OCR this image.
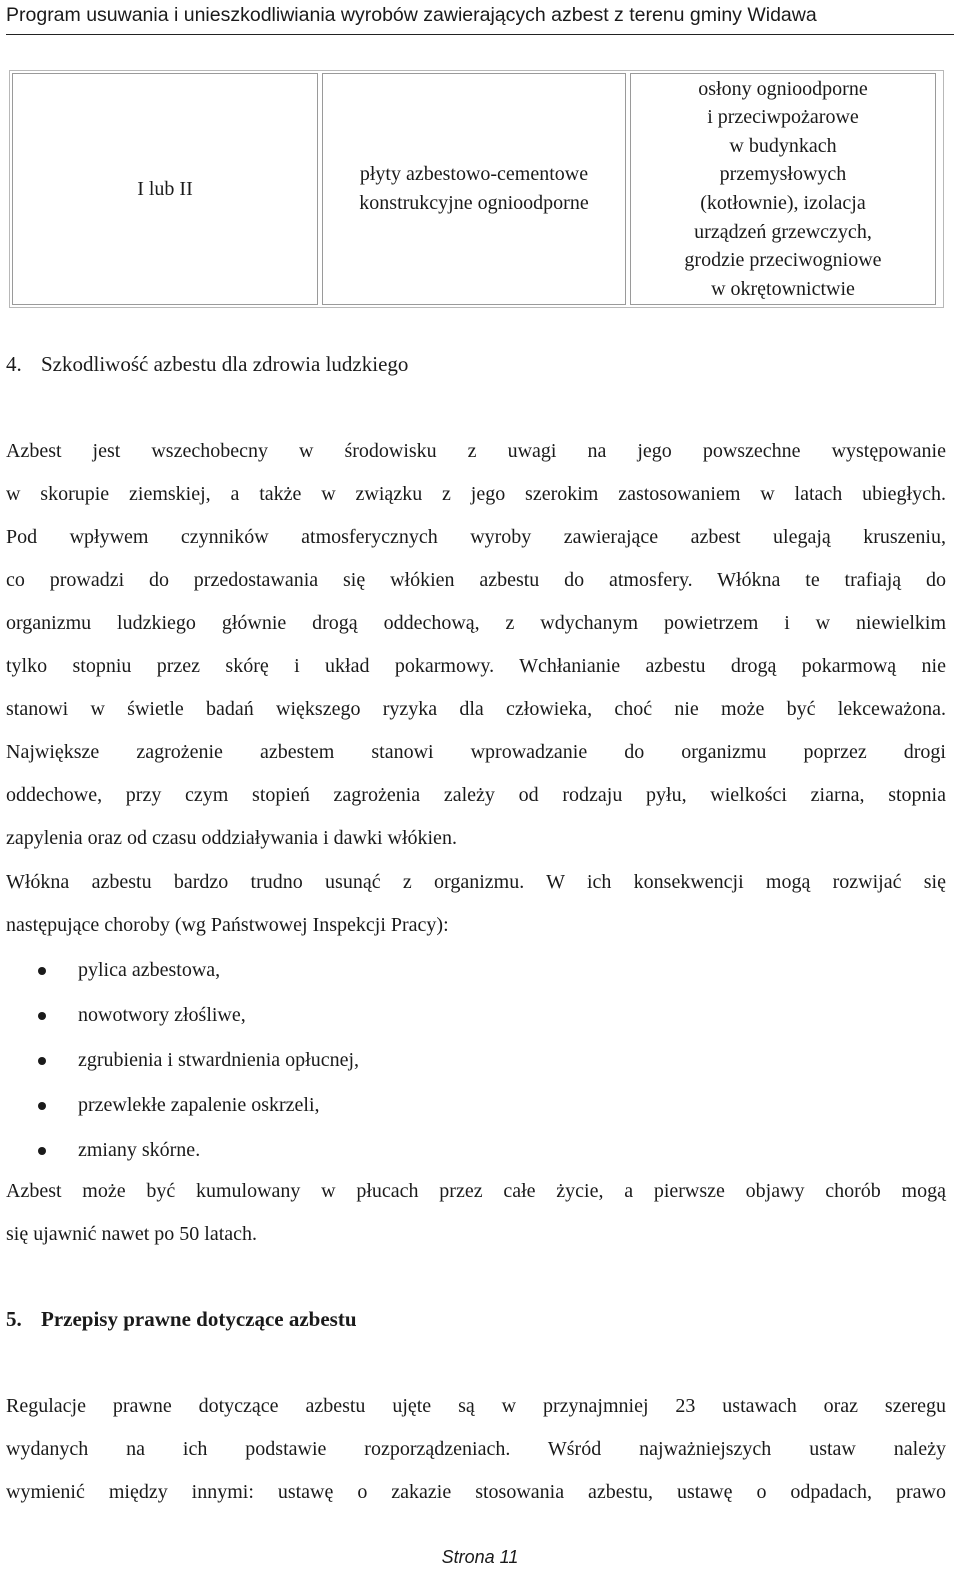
Program usuwania i unieszkodliwiania wyrobów zawierających azbest z terenu gminy Widawa
I lub II
płyty azbestowo-cementowe
konstrukcyjne ognioodporne
osłony ognioodporne
i przeciwpożarowe
w budynkach
przemysłowych
(kotłownie), izolacja
urządzeń grzewczych,
grodzie przeciwogniowe
w okrętownictwie
4. Szkodliwość azbestu dla zdrowia ludzkiego
Azbest jest wszechobecny w środowisku z uwagi na jego powszechne występowanie
w skorupie ziemskiej, a także w związku z jego szerokim zastosowaniem w latach ubiegłych.
Pod wpływem czynników atmosferycznych wyroby zawierające azbest ulegają kruszeniu,
co prowadzi do przedostawania się włókien azbestu do atmosfery. Włókna te trafiają do
organizmu ludzkiego głównie drogą oddechową, z wdychanym powietrzem i w niewielkim
tylko stopniu przez skórę i układ pokarmowy. Wchłanianie azbestu drogą pokarmową nie
stanowi w świetle badań większego ryzyka dla człowieka, choć nie może być lekceważona.
Największe zagrożenie azbestem stanowi wprowadzanie do organizmu poprzez drogi
oddechowe, przy czym stopień zagrożenia zależy od rodzaju pyłu, wielkości ziarna, stopnia
zapylenia oraz od czasu oddziaływania i dawki włókien.
Włókna azbestu bardzo trudno usunąć z organizmu. W ich konsekwencji mogą rozwijać się
następujące choroby (wg Państwowej Inspekcji Pracy):
pylica azbestowa,
nowotwory złośliwe,
zgrubienia i stwardnienia opłucnej,
przewlekłe zapalenie oskrzeli,
zmiany skórne.
Azbest może być kumulowany w płucach przez całe życie, a pierwsze objawy chorób mogą
się ujawnić nawet po 50 latach.
5. Przepisy prawne dotyczące azbestu
Regulacje prawne dotyczące azbestu ujęte są w przynajmniej 23 ustawach oraz szeregu
wydanych na ich podstawie rozporządzeniach. Wśród najważniejszych ustaw należy
wymienić między innymi: ustawę o zakazie stosowania azbestu, ustawę o odpadach, prawo
Strona 11
